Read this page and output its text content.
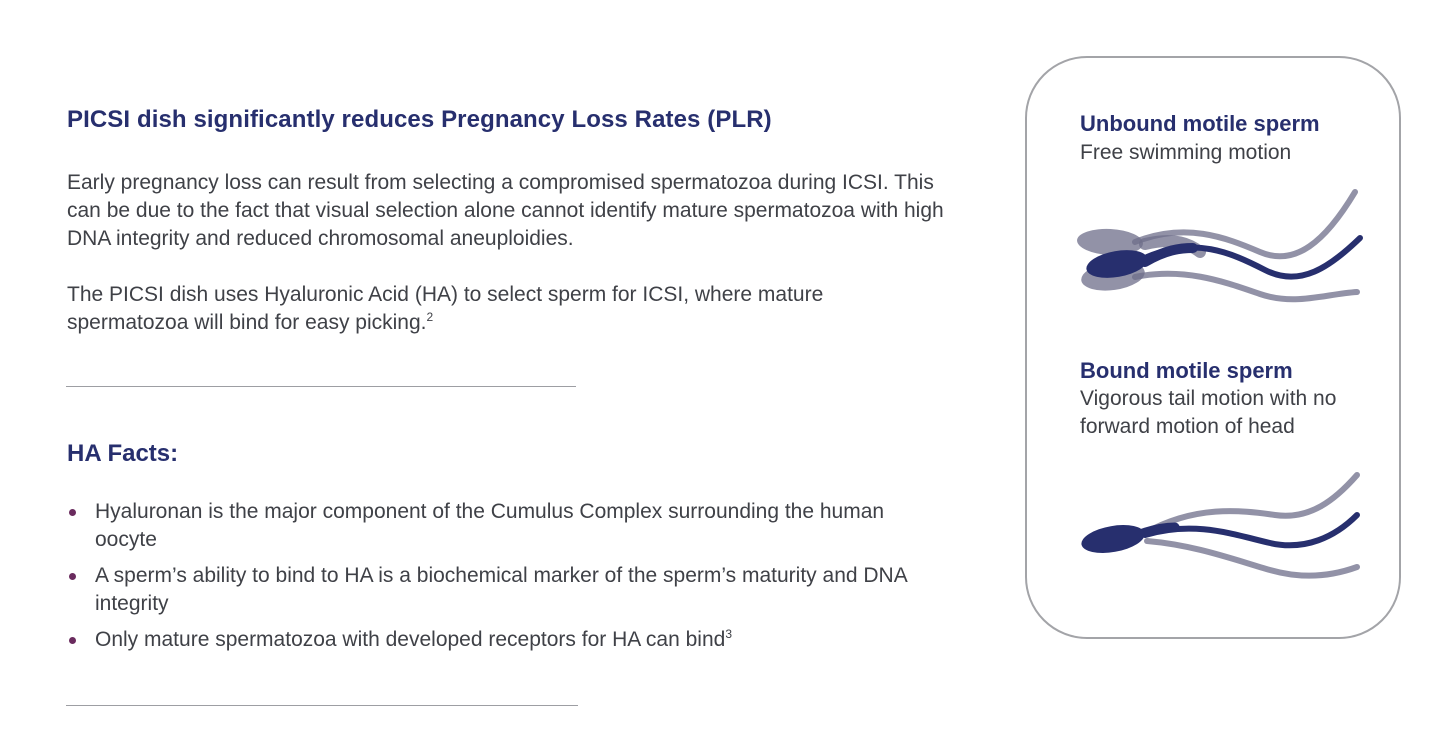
PICSI dish significantly reduces Pregnancy Loss Rates (PLR)

Early pregnancy loss can result from selecting a compromised spermatozoa during ICSI. This can be due to the fact that visual selection alone cannot identify mature spermatozoa with high DNA integrity and reduced chromosomal aneuploidies.

The PICSI dish uses Hyaluronic Acid (HA) to select sperm for ICSI, where mature spermatozoa will bind for easy picking.$^2$

HA Facts:
Hyaluronan is the major component of the Cumulus Complex surrounding the human oocyte
A sperm’s ability to bind to HA is a biochemical marker of the sperm’s maturity and DNA integrity
Only mature spermatozoa with developed receptors for HA can bind$^3$

Unbound motile sperm

Free swimming motion

Bound motile sperm

Vigorous tail motion with no forward motion of head
